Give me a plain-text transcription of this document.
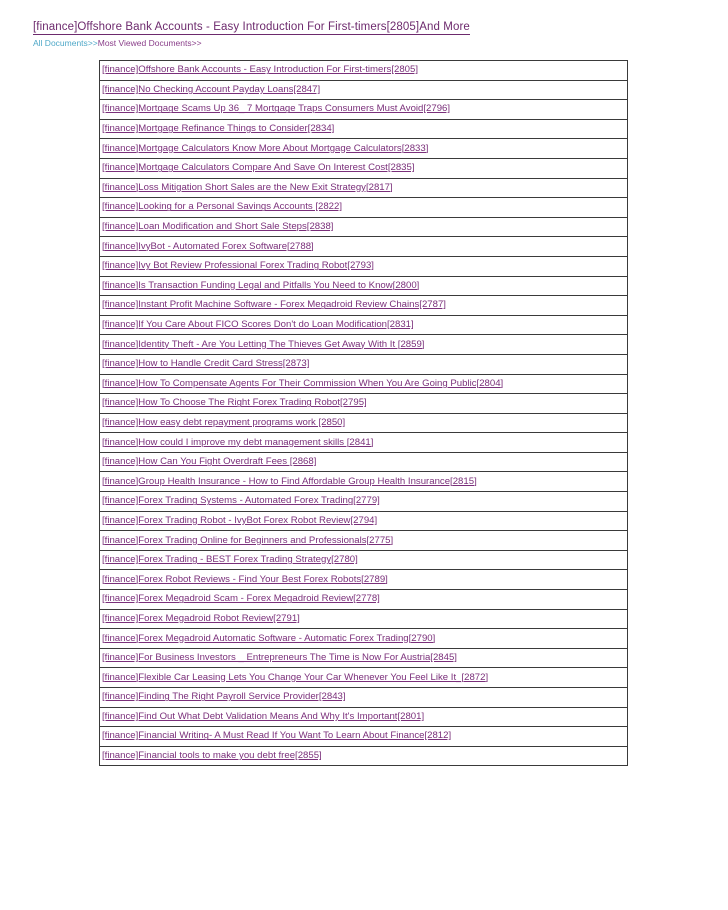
[finance]Offshore Bank Accounts - Easy Introduction For First-timers[2805]And More
All Documents>>Most Viewed Documents>>
[finance]Offshore Bank Accounts - Easy Introduction For First-timers[2805]
[finance]No Checking Account Payday Loans[2847]
[finance]Mortgage Scams Up 36_ 7 Mortgage Traps Consumers Must Avoid[2796]
[finance]Mortgage Refinance Things to Consider[2834]
[finance]Mortgage Calculators Know More About Mortgage Calculators[2833]
[finance]Mortgage Calculators Compare And Save On Interest Cost[2835]
[finance]Loss Mitigation Short Sales are the New Exit Strategy[2817]
[finance]Looking for a Personal Savings Accounts [2822]
[finance]Loan Modification and Short Sale Steps[2838]
[finance]IvyBot - Automated Forex Software[2788]
[finance]Ivy Bot Review Professional Forex Trading Robot[2793]
[finance]Is Transaction Funding Legal and Pitfalls You Need to Know[2800]
[finance]Instant Profit Machine Software - Forex Megadroid Review Chains[2787]
[finance]If You Care About FICO Scores Don't do Loan Modification[2831]
[finance]Identity Theft - Are You Letting The Thieves Get Away With It [2859]
[finance]How to Handle Credit Card Stress[2873]
[finance]How To Compensate Agents For Their Commission When You Are Going Public[2804]
[finance]How To Choose The Right Forex Trading Robot[2795]
[finance]How easy debt repayment programs work [2850]
[finance]How could I improve my debt management skills [2841]
[finance]How Can You Fight Overdraft Fees [2868]
[finance]Group Health Insurance - How to Find Affordable Group Health Insurance[2815]
[finance]Forex Trading Systems - Automated Forex Trading[2779]
[finance]Forex Trading Robot - IvyBot Forex Robot Review[2794]
[finance]Forex Trading Online for Beginners and Professionals[2775]
[finance]Forex Trading - BEST Forex Trading Strategy[2780]
[finance]Forex Robot Reviews - Find Your Best Forex Robots[2789]
[finance]Forex Megadroid Scam - Forex Megadroid Review[2778]
[finance]Forex Megadroid Robot Review[2791]
[finance]Forex Megadroid Automatic Software - Automatic Forex Trading[2790]
[finance]For Business Investors _ Entrepreneurs The Time is Now For Austria[2845]
[finance]Flexible Car Leasing Lets You Change Your Car Whenever You Feel Like It_[2872]
[finance]Finding The Right Payroll Service Provider[2843]
[finance]Find Out What Debt Validation Means And Why It's Important[2801]
[finance]Financial Writing- A Must Read If You Want To Learn About Finance[2812]
[finance]Financial tools to make you debt free[2855]
